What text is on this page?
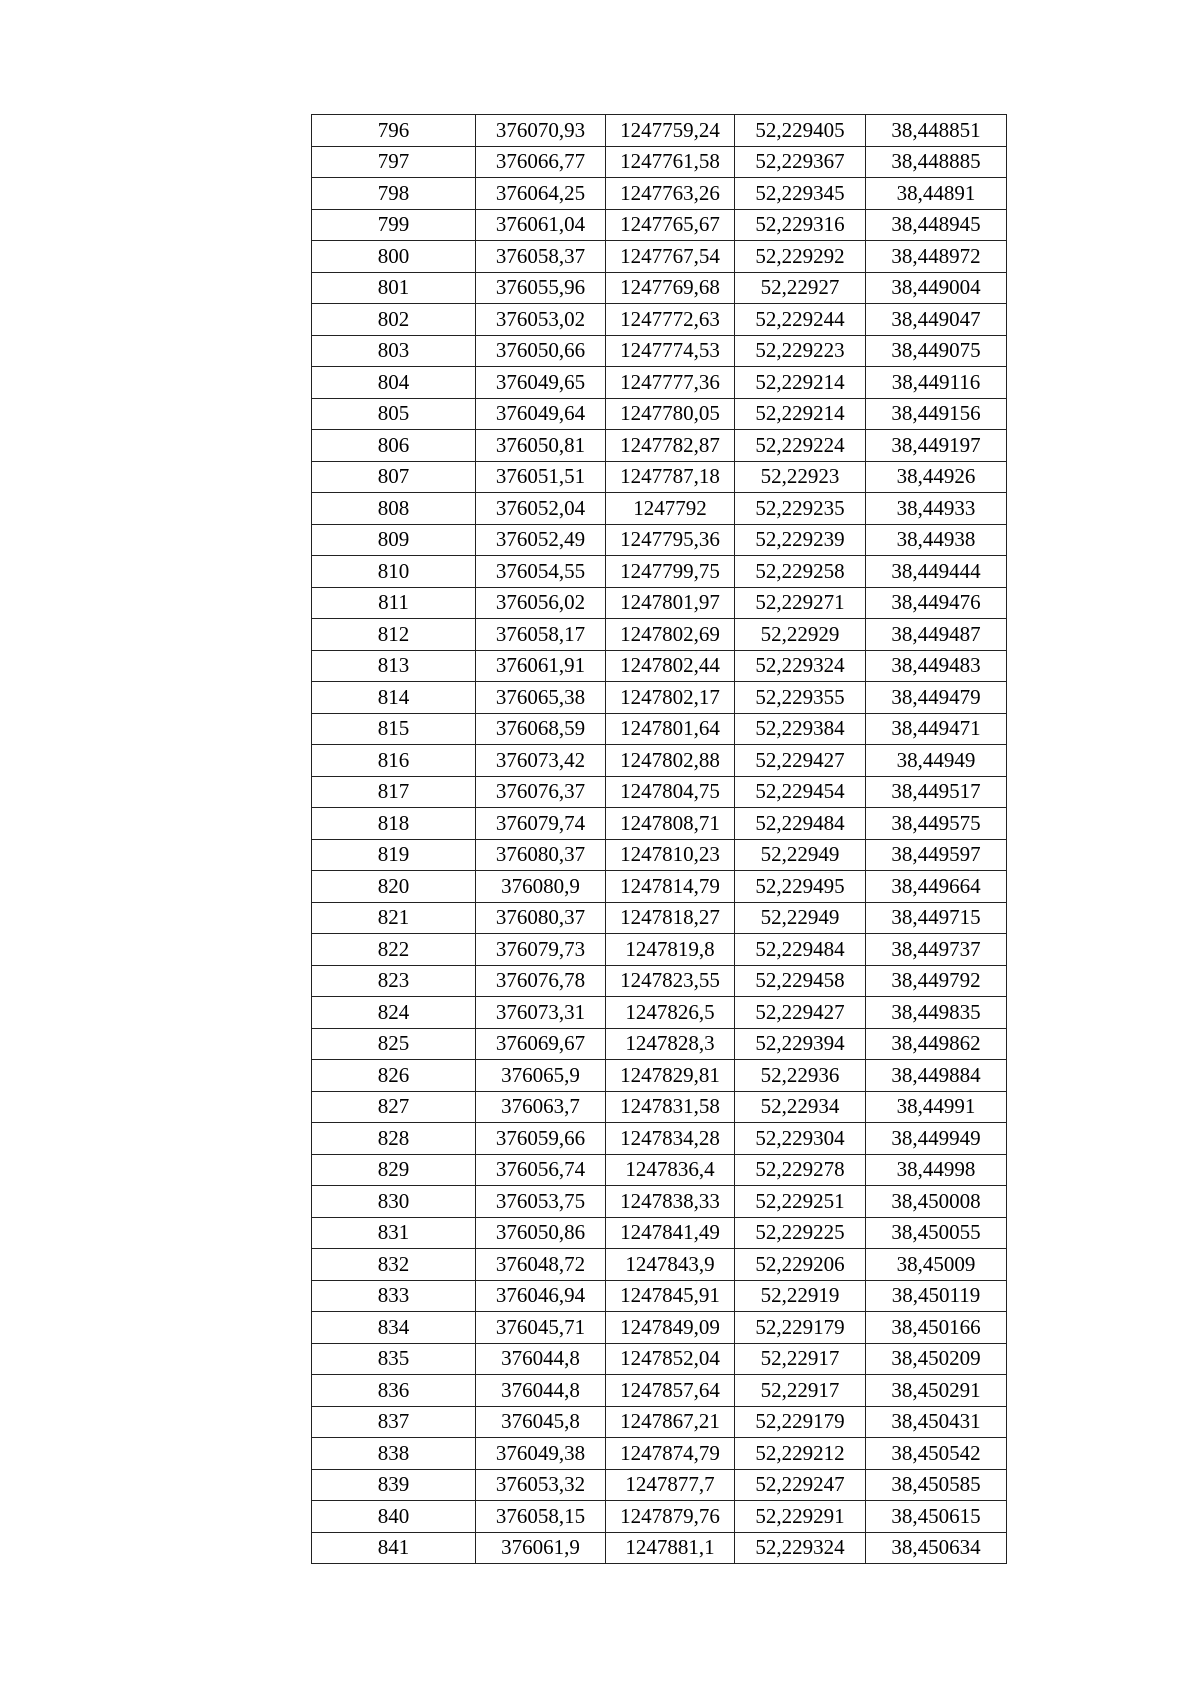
796	376070,93	1247759,24	52,229405	38,448851
797	376066,77	1247761,58	52,229367	38,448885
798	376064,25	1247763,26	52,229345	38,44891
799	376061,04	1247765,67	52,229316	38,448945
800	376058,37	1247767,54	52,229292	38,448972
801	376055,96	1247769,68	52,22927	38,449004
802	376053,02	1247772,63	52,229244	38,449047
803	376050,66	1247774,53	52,229223	38,449075
804	376049,65	1247777,36	52,229214	38,449116
805	376049,64	1247780,05	52,229214	38,449156
806	376050,81	1247782,87	52,229224	38,449197
807	376051,51	1247787,18	52,22923	38,44926
808	376052,04	1247792	52,229235	38,44933
809	376052,49	1247795,36	52,229239	38,44938
810	376054,55	1247799,75	52,229258	38,449444
811	376056,02	1247801,97	52,229271	38,449476
812	376058,17	1247802,69	52,22929	38,449487
813	376061,91	1247802,44	52,229324	38,449483
814	376065,38	1247802,17	52,229355	38,449479
815	376068,59	1247801,64	52,229384	38,449471
816	376073,42	1247802,88	52,229427	38,44949
817	376076,37	1247804,75	52,229454	38,449517
818	376079,74	1247808,71	52,229484	38,449575
819	376080,37	1247810,23	52,22949	38,449597
820	376080,9	1247814,79	52,229495	38,449664
821	376080,37	1247818,27	52,22949	38,449715
822	376079,73	1247819,8	52,229484	38,449737
823	376076,78	1247823,55	52,229458	38,449792
824	376073,31	1247826,5	52,229427	38,449835
825	376069,67	1247828,3	52,229394	38,449862
826	376065,9	1247829,81	52,22936	38,449884
827	376063,7	1247831,58	52,22934	38,44991
828	376059,66	1247834,28	52,229304	38,449949
829	376056,74	1247836,4	52,229278	38,44998
830	376053,75	1247838,33	52,229251	38,450008
831	376050,86	1247841,49	52,229225	38,450055
832	376048,72	1247843,9	52,229206	38,45009
833	376046,94	1247845,91	52,22919	38,450119
834	376045,71	1247849,09	52,229179	38,450166
835	376044,8	1247852,04	52,22917	38,450209
836	376044,8	1247857,64	52,22917	38,450291
837	376045,8	1247867,21	52,229179	38,450431
838	376049,38	1247874,79	52,229212	38,450542
839	376053,32	1247877,7	52,229247	38,450585
840	376058,15	1247879,76	52,229291	38,450615
841	376061,9	1247881,1	52,229324	38,450634
